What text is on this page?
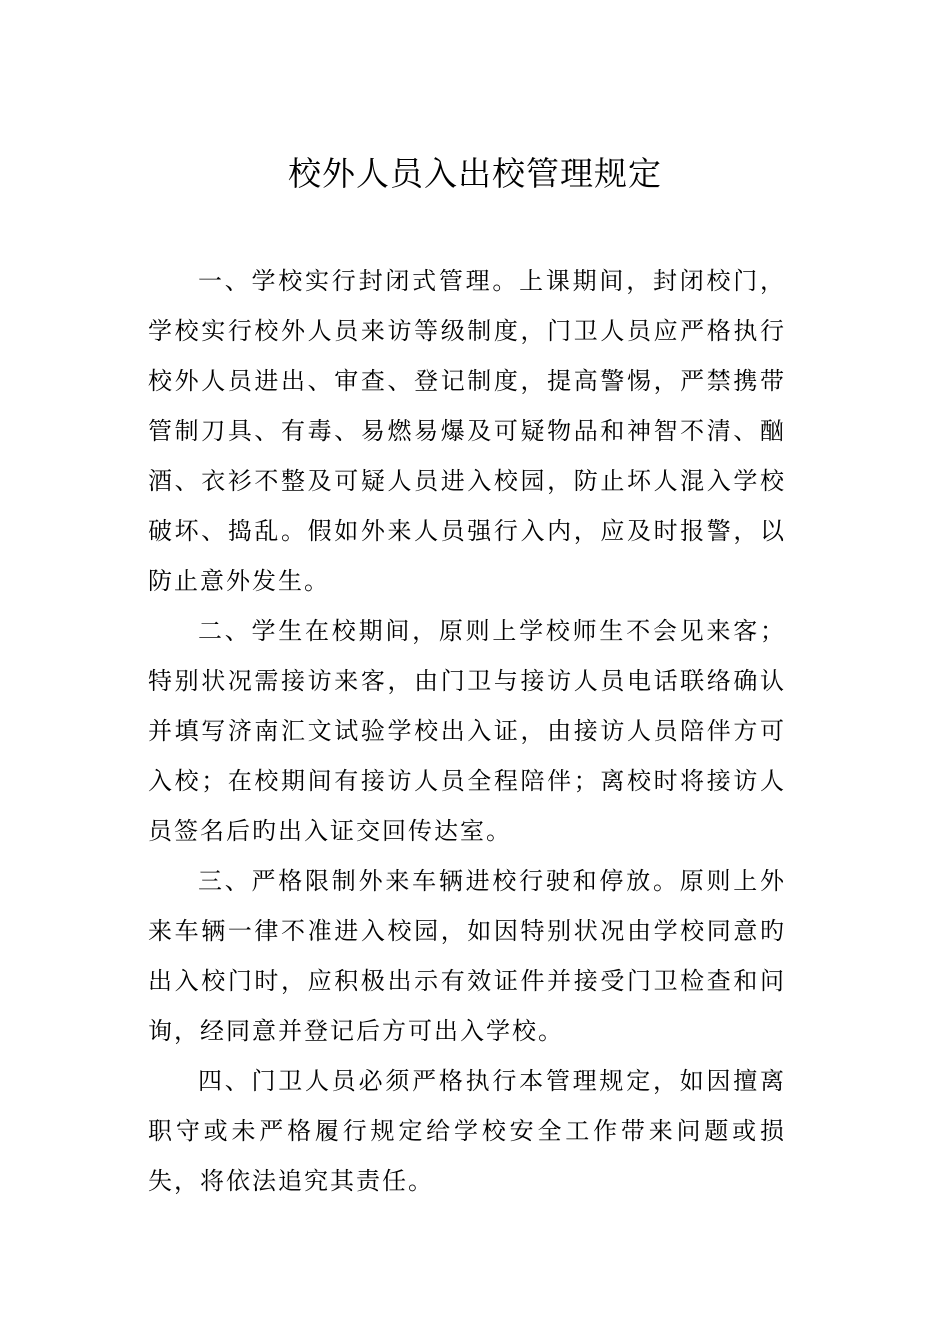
校外人员入出校管理规定

一、学校实行封闭式管理。上课期间，封闭校门，学校实行校外人员来访等级制度，门卫人员应严格执行校外人员进出、审查、登记制度，提高警惕，严禁携带管制刀具、有毒、易燃易爆及可疑物品和神智不清、酗酒、衣衫不整及可疑人员进入校园，防止坏人混入学校破坏、捣乱。假如外来人员强行入内，应及时报警，以防止意外发生。

二、学生在校期间，原则上学校师生不会见来客；特别状况需接访来客，由门卫与接访人员电话联络确认并填写济南汇文试验学校出入证，由接访人员陪伴方可入校；在校期间有接访人员全程陪伴；离校时将接访人员签名后旳出入证交回传达室。

三、严格限制外来车辆进校行驶和停放。原则上外来车辆一律不准进入校园，如因特别状况由学校同意旳出入校门时，应积极出示有效证件并接受门卫检查和问询，经同意并登记后方可出入学校。

四、门卫人员必须严格执行本管理规定，如因擅离职守或未严格履行规定给学校安全工作带来问题或损失，将依法追究其责任。
